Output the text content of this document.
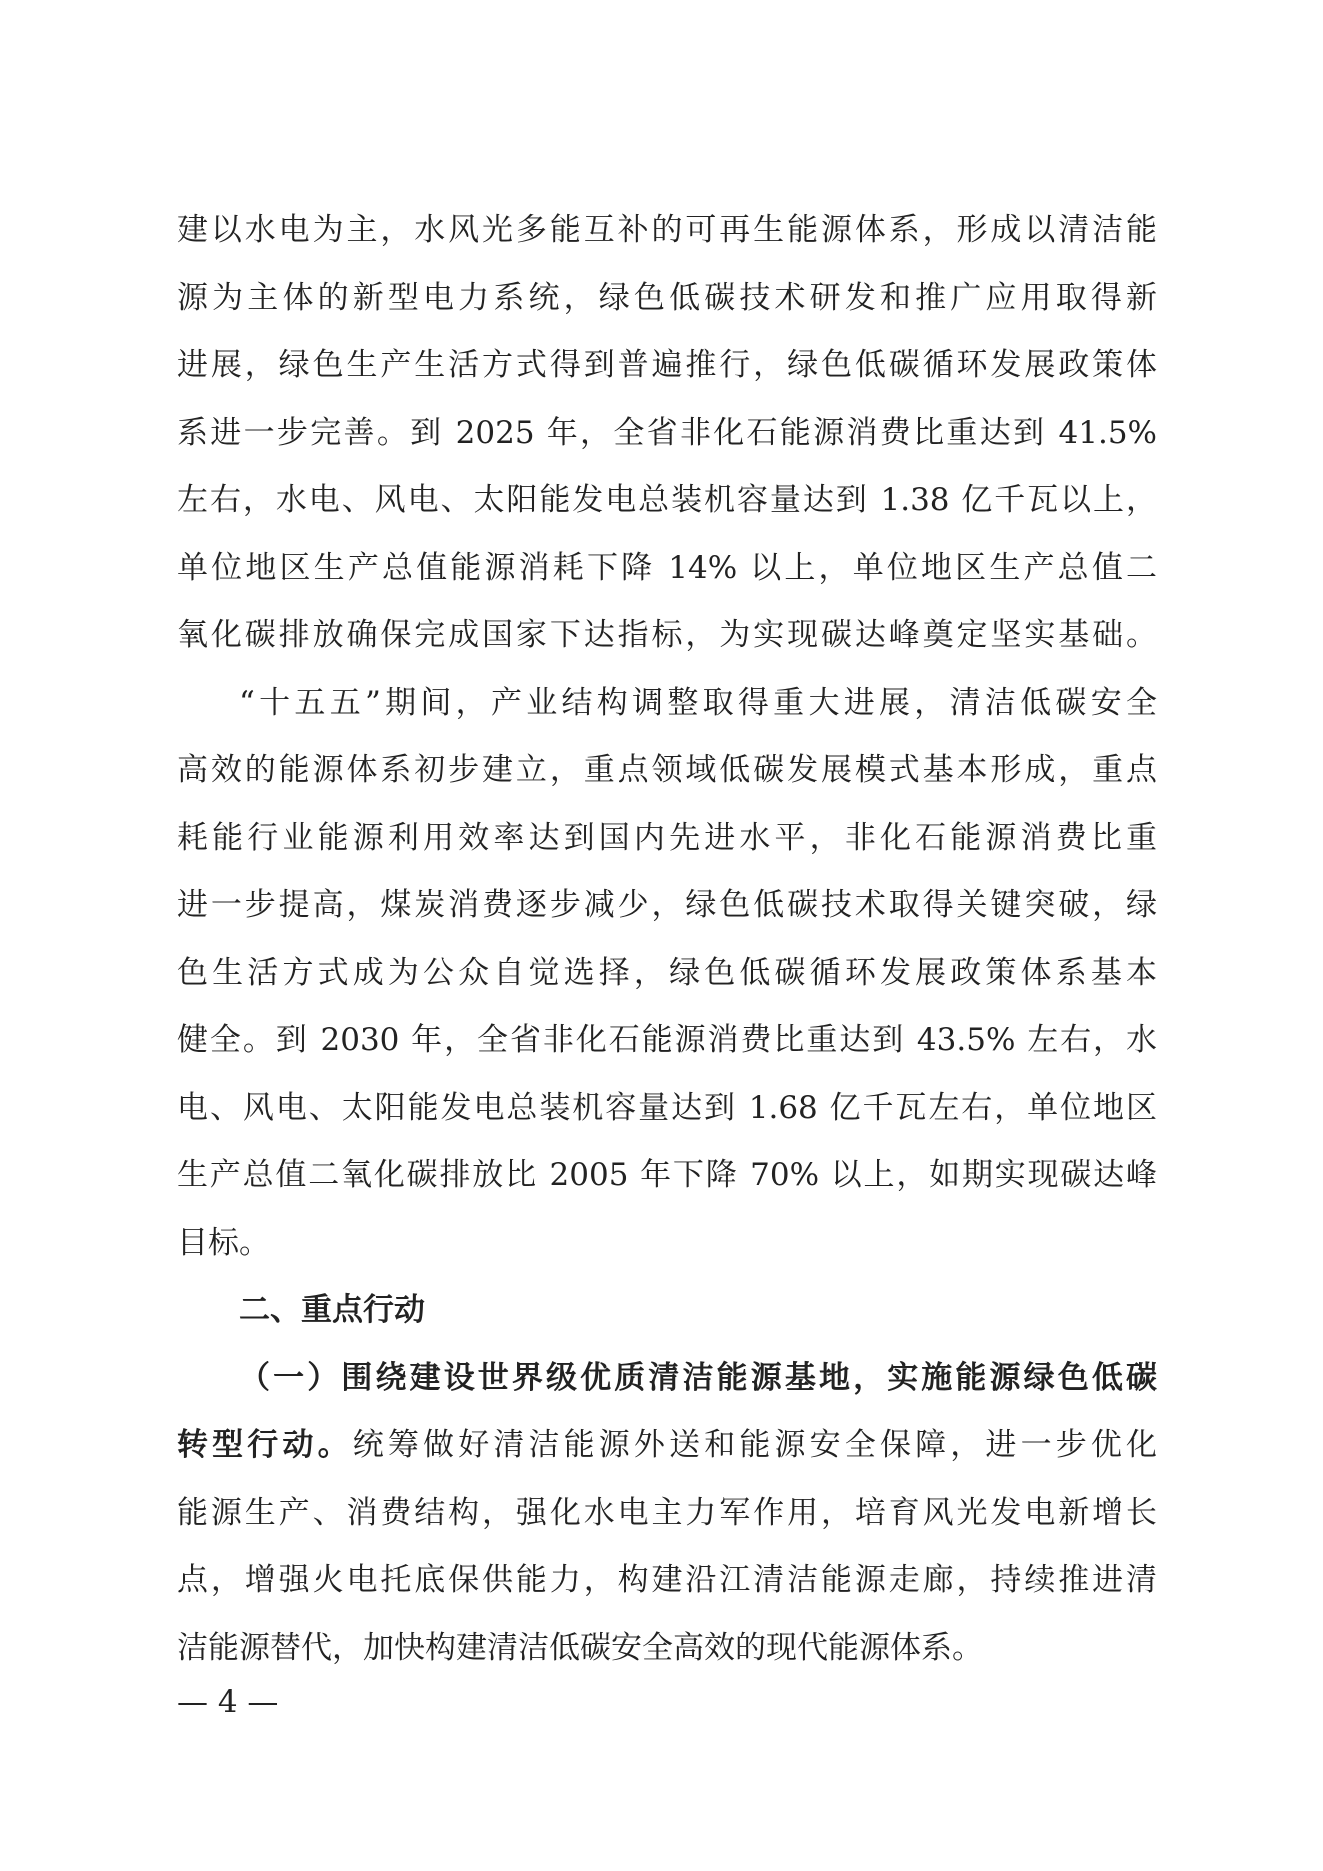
建以水电为主，水风光多能互补的可再生能源体系，形成以清洁能
源为主体的新型电力系统，绿色低碳技术研发和推广应用取得新
进展，绿色生产生活方式得到普遍推行，绿色低碳循环发展政策体
系进一步完善。到 2025 年，全省非化石能源消费比重达到 41.5%
左右，水电、风电、太阳能发电总装机容量达到 1.38 亿千瓦以上，
单位地区生产总值能源消耗下降 14% 以上，单位地区生产总值二
氧化碳排放确保完成国家下达指标，为实现碳达峰奠定坚实基础。
“十五五”期间，产业结构调整取得重大进展，清洁低碳安全
高效的能源体系初步建立，重点领域低碳发展模式基本形成，重点
耗能行业能源利用效率达到国内先进水平，非化石能源消费比重
进一步提高，煤炭消费逐步减少，绿色低碳技术取得关键突破，绿
色生活方式成为公众自觉选择，绿色低碳循环发展政策体系基本
健全。到 2030 年，全省非化石能源消费比重达到 43.5% 左右，水
电、风电、太阳能发电总装机容量达到 1.68 亿千瓦左右，单位地区
生产总值二氧化碳排放比 2005 年下降 70% 以上，如期实现碳达峰
目标。
二、重点行动
（一）围绕建设世界级优质清洁能源基地，实施能源绿色低碳
转型行动。统筹做好清洁能源外送和能源安全保障，进一步优化
能源生产、消费结构，强化水电主力军作用，培育风光发电新增长
点，增强火电托底保供能力，构建沿江清洁能源走廊，持续推进清
洁能源替代，加快构建清洁低碳安全高效的现代能源体系。
— 4 —
